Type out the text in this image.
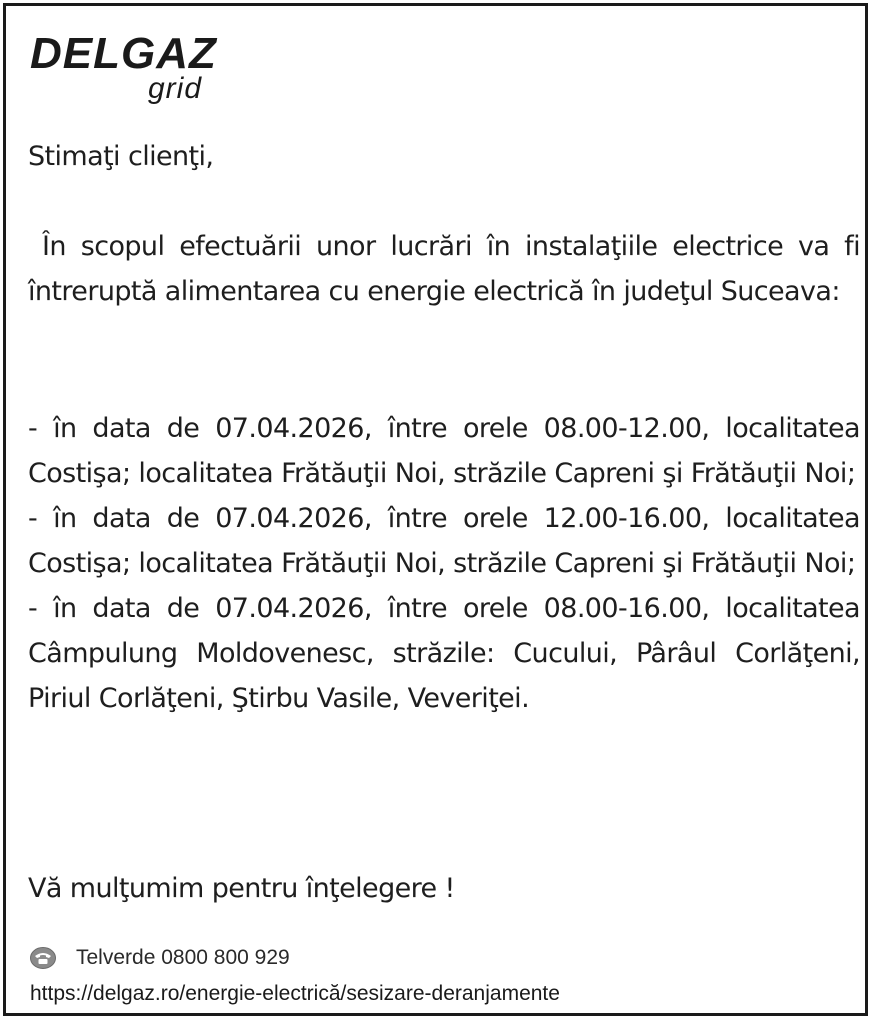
DELGAZ
grid
Stimaţi clienţi,
În scopul efectuării unor lucrări în instalaţiile electrice va fi întreruptă alimentarea cu energie electrică în judeţul Suceava:

- în data de 07.04.2026, între orele 08.00-12.00, localitatea Costişa; localitatea Frătăuţii Noi, străzile Capreni şi Frătăuţii Noi;

- în data de 07.04.2026, între orele 12.00-16.00, localitatea Costişa; localitatea Frătăuţii Noi, străzile Capreni şi Frătăuţii Noi;

- în data de 07.04.2026, între orele 08.00-16.00, localitatea Câmpulung Moldovenesc, străzile: Cucului, Pârâul Corlăţeni, Piriul Corlăţeni, Ştirbu Vasile, Veveriţei.

Vă mulţumim pentru înţelegere !
Telverde 0800 800 929
https://delgaz.ro/energie-electrică/sesizare-deranjamente
